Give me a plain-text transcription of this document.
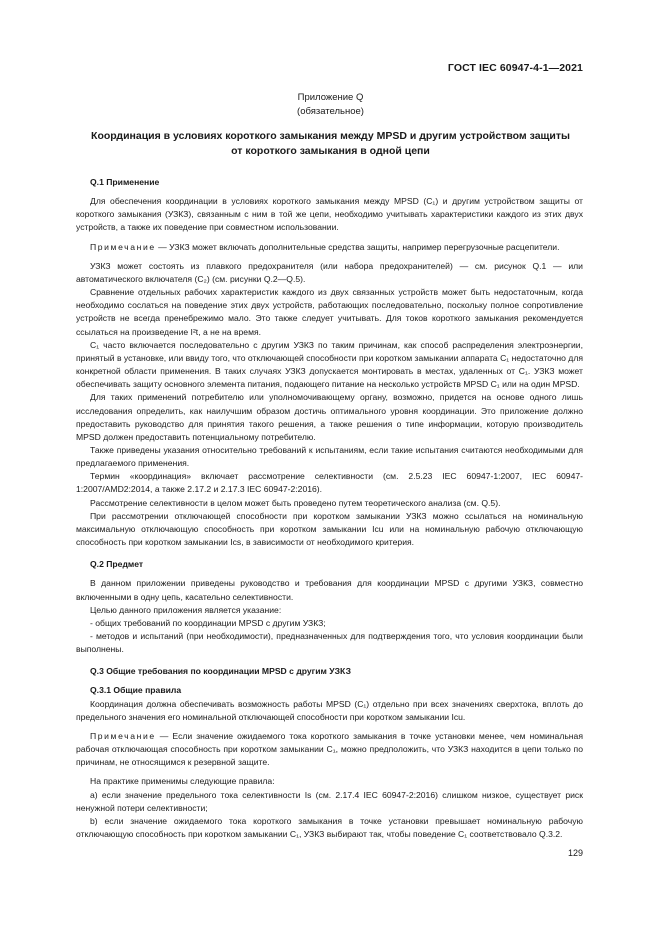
ГОСТ IEC 60947-4-1—2021
Приложение Q
(обязательное)
Координация в условиях короткого замыкания между MPSD и другим устройством защиты
от короткого замыкания в одной цепи

Q.1 Применение

Для обеспечения координации в условиях короткого замыкания между MPSD (C₁) и другим устройством защиты от короткого замыкания (УЗКЗ), связанным с ним в той же цепи, необходимо учитывать характеристики каждого из этих двух устройств, а также их поведение при совместном использовании.

Примечание — УЗКЗ может включать дополнительные средства защиты, например перегрузочные расцепители.

УЗКЗ может состоять из плавкого предохранителя (или набора предохранителей) — см. рисунок Q.1 — или автоматического включателя (C₂) (см. рисунки Q.2—Q.5).

Сравнение отдельных рабочих характеристик каждого из двух связанных устройств может быть недостаточным, когда необходимо сослаться на поведение этих двух устройств, работающих последовательно, поскольку полное сопротивление устройств не всегда пренебрежимо мало. Это также следует учитывать. Для токов короткого замыкания рекомендуется ссылаться на произведение I²t, а не на время.

C₁ часто включается последовательно с другим УЗКЗ по таким причинам, как способ распределения электроэнергии, принятый в установке, или ввиду того, что отключающей способности при коротком замыкании аппарата C₁ недостаточно для конкретной области применения. В таких случаях УЗКЗ допускается монтировать в местах, удаленных от C₁. УЗКЗ может обеспечивать защиту основного элемента питания, подающего питание на несколько устройств MPSD C₁ или на один MPSD.

Для таких применений потребителю или уполномочивающему органу, возможно, придется на основе одного лишь исследования определить, как наилучшим образом достичь оптимального уровня координации. Это приложение должно предоставить руководство для принятия такого решения, а также решения о типе информации, которую производитель MPSD должен предоставить потенциальному потребителю.

Также приведены указания относительно требований к испытаниям, если такие испытания считаются необходимыми для предлагаемого применения.

Термин «координация» включает рассмотрение селективности (см. 2.5.23 IEC 60947-1:2007, IEC 60947-1:2007/AMD2:2014, а также 2.17.2 и 2.17.3 IEC 60947-2:2016).

Рассмотрение селективности в целом может быть проведено путем теоретического анализа (см. Q.5).

При рассмотрении отключающей способности при коротком замыкании УЗКЗ можно ссылаться на номинальную максимальную отключающую способность при коротком замыкании Icu или на номинальную рабочую отключающую способность при коротком замыкании Ics, в зависимости от необходимого критерия.

Q.2 Предмет

В данном приложении приведены руководство и требования для координации MPSD с другими УЗКЗ, совместно включенными в одну цепь, касательно селективности.

Целью данного приложения является указание:

- общих требований по координации MPSD с другим УЗКЗ;

- методов и испытаний (при необходимости), предназначенных для подтверждения того, что условия координации были выполнены.

Q.3 Общие требования по координации MPSD с другим УЗКЗ

Q.3.1 Общие правила

Координация должна обеспечивать возможность работы MPSD (C₁) отдельно при всех значениях сверхтока, вплоть до предельного значения его номинальной отключающей способности при коротком замыкании Icu.

Примечание — Если значение ожидаемого тока короткого замыкания в точке установки менее, чем номинальная рабочая отключающая способность при коротком замыкании C₁, можно предположить, что УЗКЗ находится в цепи только по причинам, не относящимся к резервной защите.

На практике применимы следующие правила:

a) если значение предельного тока селективности Is (см. 2.17.4 IEC 60947-2:2016) слишком низкое, существует риск ненужной потери селективности;

b) если значение ожидаемого тока короткого замыкания в точке установки превышает номинальную рабочую отключающую способность при коротком замыкании C₁, УЗКЗ выбирают так, чтобы поведение C₁ соответствовало Q.3.2.

129
